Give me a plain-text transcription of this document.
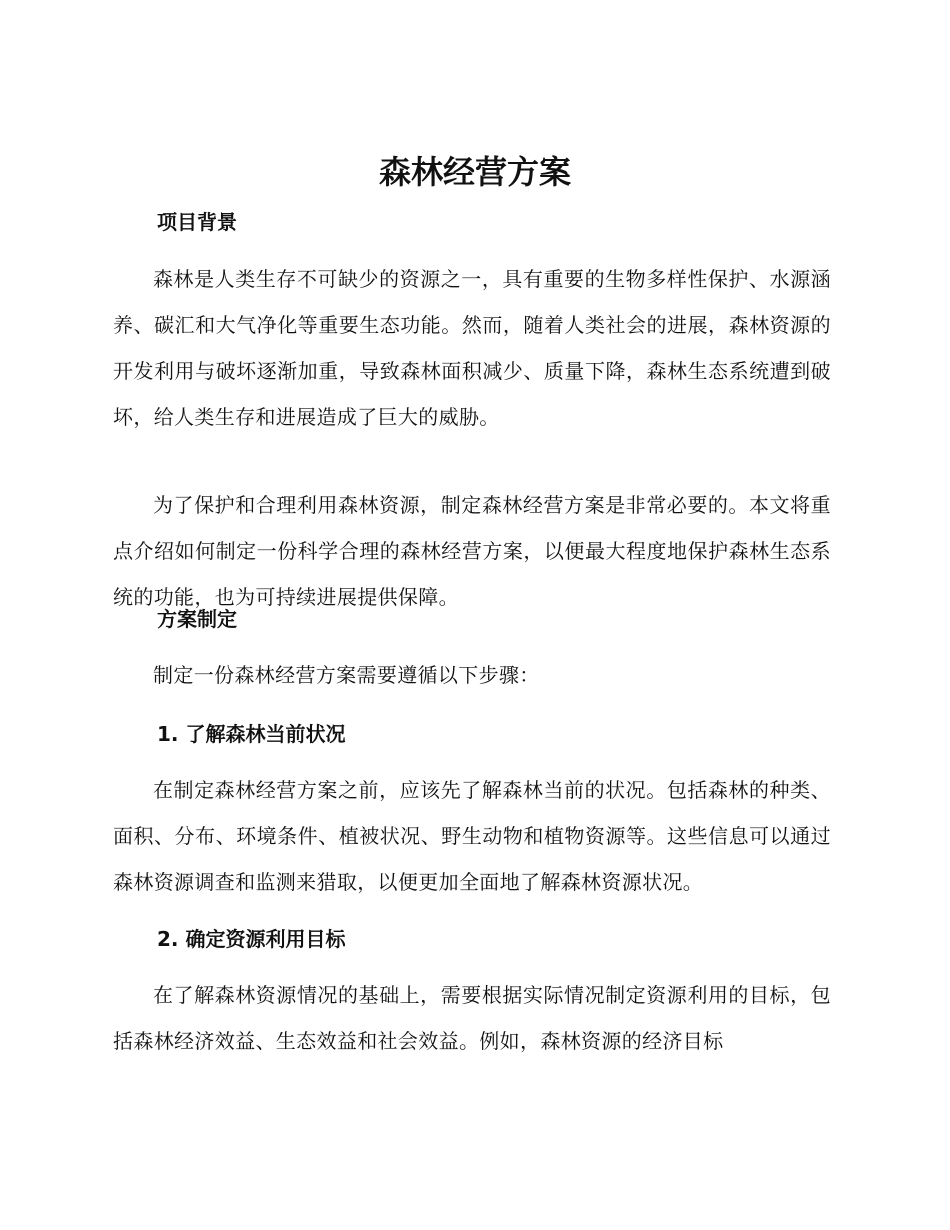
森林经营方案
项目背景

森林是人类生存不可缺少的资源之一，具有重要的生物多样性保护、水源涵养、碳汇和大气净化等重要生态功能。然而，随着人类社会的进展，森林资源的开发利用与破坏逐渐加重，导致森林面积减少、质量下降，森林生态系统遭到破坏，给人类生存和进展造成了巨大的威胁。

为了保护和合理利用森林资源，制定森林经营方案是非常必要的。本文将重点介绍如何制定一份科学合理的森林经营方案，以便最大程度地保护森林生态系统的功能，也为可持续进展提供保障。

方案制定

制定一份森林经营方案需要遵循以下步骤：

1. 了解森林当前状况

在制定森林经营方案之前，应该先了解森林当前的状况。包括森林的种类、面积、分布、环境条件、植被状况、野生动物和植物资源等。这些信息可以通过森林资源调查和监测来猎取，以便更加全面地了解森林资源状况。

2. 确定资源利用目标

在了解森林资源情况的基础上，需要根据实际情况制定资源利用的目标，包括森林经济效益、生态效益和社会效益。例如，森林资源的经济目标
